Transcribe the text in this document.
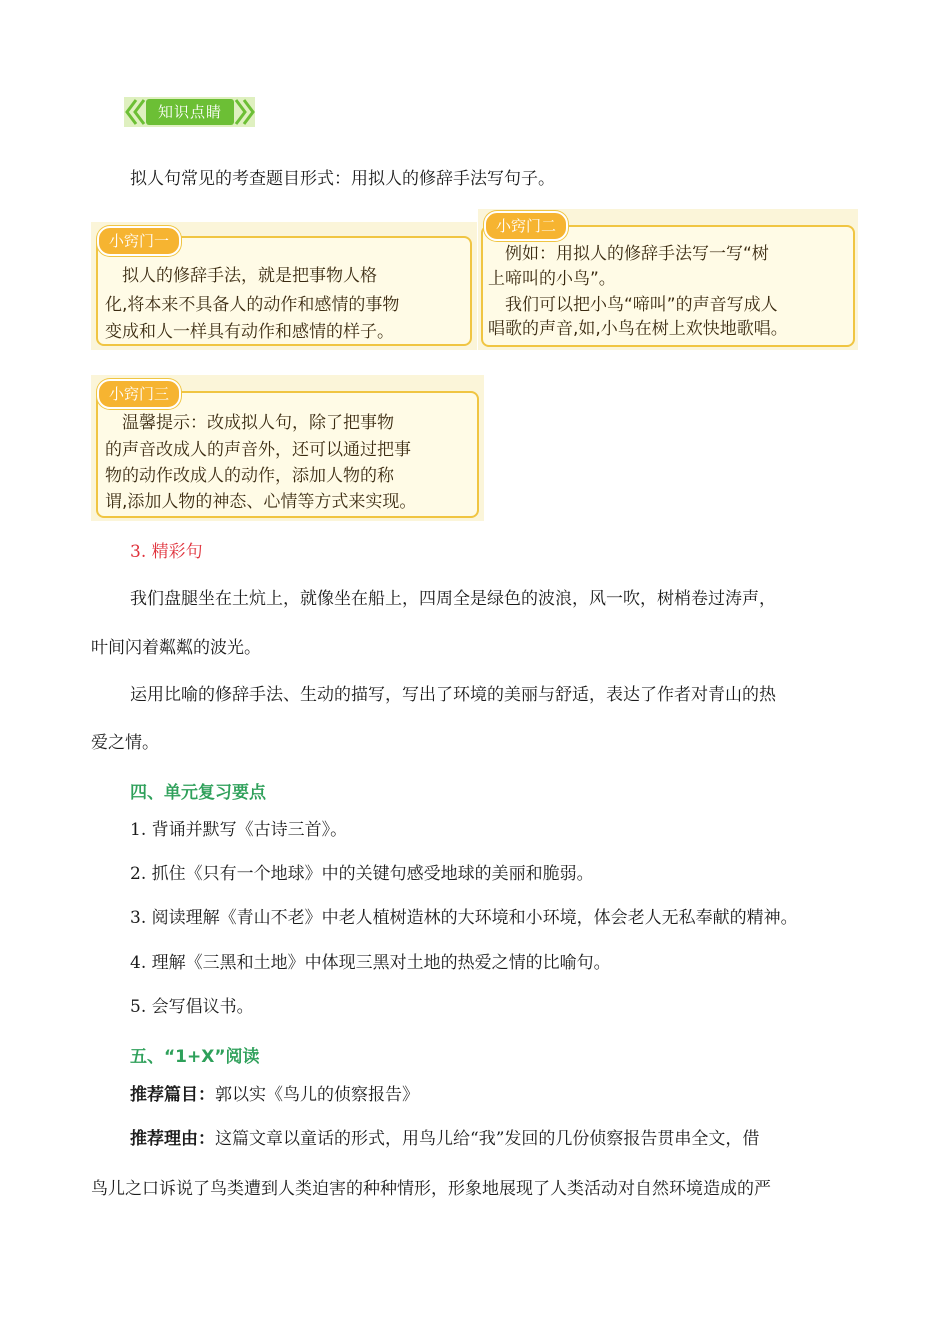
知识点睛
拟人句常见的考查题目形式：用拟人的修辞手法写句子。
小窍门一
　拟人的修辞手法，就是把事物人格
化,将本来不具备人的动作和感情的事物
变成和人一样具有动作和感情的样子。
小窍门二
　例如：用拟人的修辞手法写一写“树
上啼叫的小鸟”。
　我们可以把小鸟“啼叫”的声音写成人
唱歌的声音,如,小鸟在树上欢快地歌唱。
小窍门三
　温馨提示：改成拟人句，除了把事物
的声音改成人的声音外，还可以通过把事
物的动作改成人的动作，添加人物的称
谓,添加人物的神态、心情等方式来实现。
3. 精彩句
我们盘腿坐在土炕上，就像坐在船上，四周全是绿色的波浪，风一吹，树梢卷过涛声，
叶间闪着粼粼的波光。
运用比喻的修辞手法、生动的描写，写出了环境的美丽与舒适，表达了作者对青山的热
爱之情。
四、单元复习要点
1. 背诵并默写《古诗三首》。
2. 抓住《只有一个地球》中的关键句感受地球的美丽和脆弱。
3. 阅读理解《青山不老》中老人植树造林的大环境和小环境，体会老人无私奉献的精神。
4. 理解《三黑和土地》中体现三黑对土地的热爱之情的比喻句。
5. 会写倡议书。
五、“1+X”阅读
推荐篇目：郭以实《鸟儿的侦察报告》
推荐理由：这篇文章以童话的形式，用鸟儿给“我”发回的几份侦察报告贯串全文，借
鸟儿之口诉说了鸟类遭到人类迫害的种种情形，形象地展现了人类活动对自然环境造成的严
